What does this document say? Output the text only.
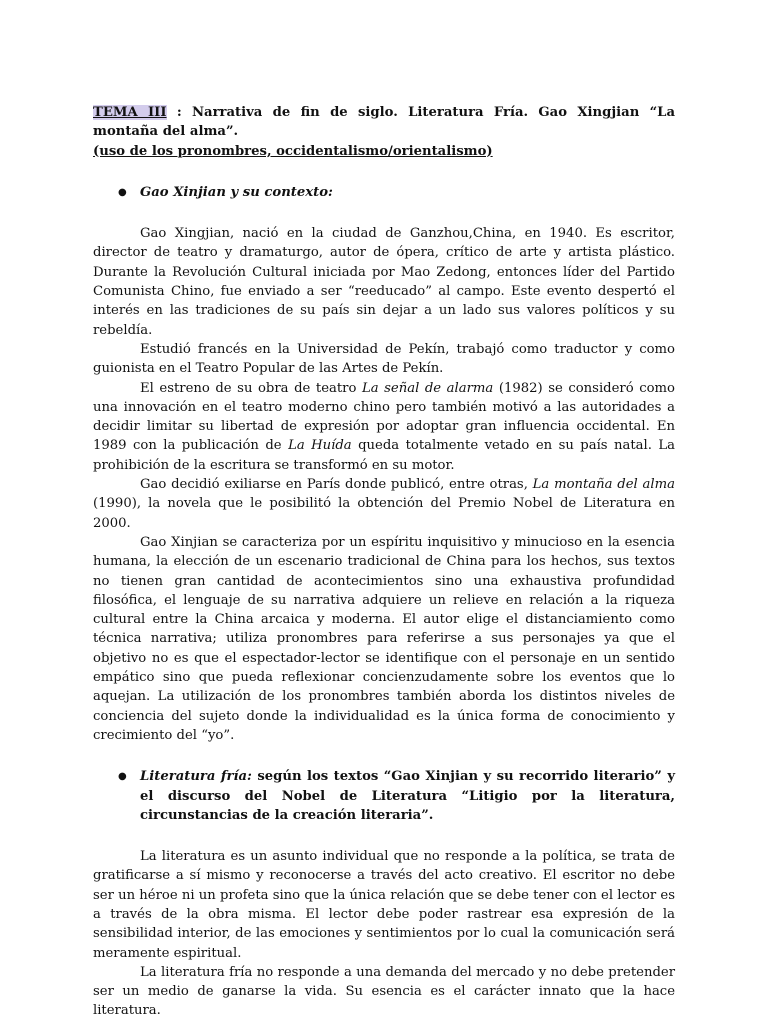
TEMA III : Narrativa de fin de siglo. Literatura Fría. Gao Xingjian “La montaña del alma”.
(uso de los pronombres, occidentalismo/orientalismo)
● Gao Xinjian y su contexto:

Gao Xingjian, nació en la ciudad de Ganzhou,China, en 1940. Es escritor, director de teatro y dramaturgo, autor de ópera, crítico de arte y artista plástico. Durante la Revolución Cultural iniciada por Mao Zedong, entonces líder del Partido Comunista Chino, fue enviado a ser “reeducado” al campo. Este evento despertó el interés en las tradiciones de su país sin dejar a un lado sus valores políticos y su rebeldía.

Estudió francés en la Universidad de Pekín, trabajó como traductor y como guionista en el Teatro Popular de las Artes de Pekín.

El estreno de su obra de teatro La señal de alarma (1982) se consideró como una innovación en el teatro moderno chino pero también motivó a las autoridades a decidir limitar su libertad de expresión por adoptar gran influencia occidental. En 1989 con la publicación de La Huída queda totalmente vetado en su país natal. La prohibición de la escritura se transformó en su motor.

Gao decidió exiliarse en París donde publicó, entre otras, La montaña del alma (1990), la novela que le posibilitó la obtención del Premio Nobel de Literatura en 2000.

Gao Xinjian se caracteriza por un espíritu inquisitivo y minucioso en la esencia humana, la elección de un escenario tradicional de China para los hechos, sus textos no tienen gran cantidad de acontecimientos sino una exhaustiva profundidad filosófica, el lenguaje de su narrativa adquiere un relieve en relación a la riqueza cultural entre la China arcaica y moderna. El autor elige el distanciamiento como técnica narrativa; utiliza pronombres para referirse a sus personajes ya que el objetivo no es que el espectador-lector se identifique con el personaje en un sentido empático sino que pueda reflexionar concienzudamente sobre los eventos que lo aquejan. La utilización de los pronombres también aborda los distintos niveles de conciencia del sujeto donde la individualidad es la única forma de conocimiento y crecimiento del “yo”.

● Literatura fría: según los textos “Gao Xinjian y su recorrido literario” y el discurso del Nobel de Literatura “Litigio por la literatura, circunstancias de la creación literaria”.

La literatura es un asunto individual que no responde a la política, se trata de gratificarse a sí mismo y reconocerse a través del acto creativo. El escritor no debe ser un héroe ni un profeta sino que la única relación que se debe tener con el lector es a través de la obra misma. El lector debe poder rastrear esa expresión de la sensibilidad interior, de las emociones y sentimientos por lo cual la comunicación será meramente espiritual.

La literatura fría no responde a una demanda del mercado y no debe pretender ser un medio de ganarse la vida. Su esencia es el carácter innato que la hace literatura.
